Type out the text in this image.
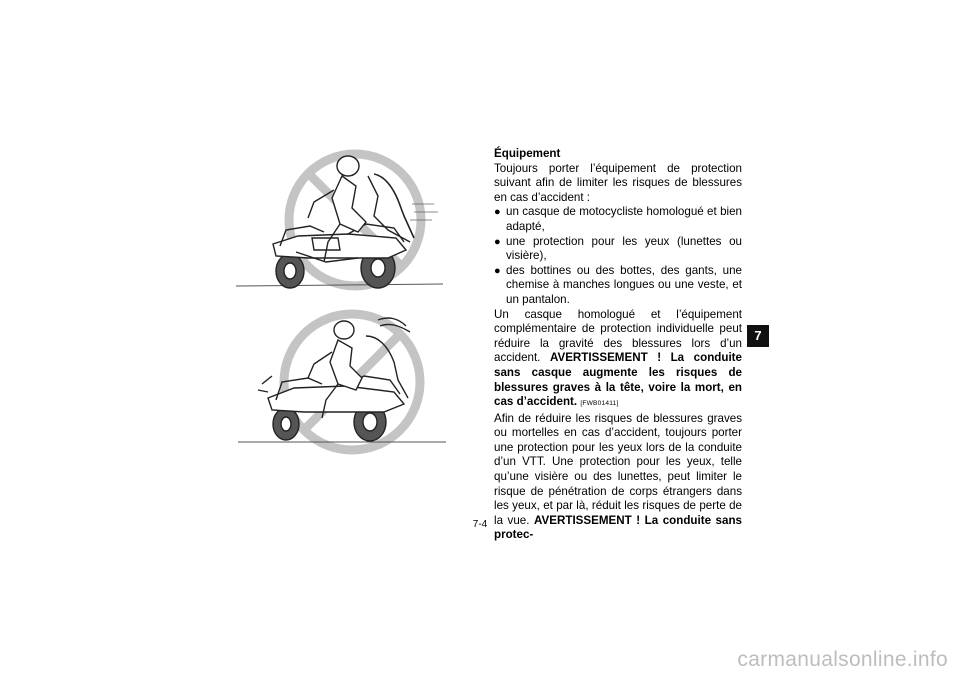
Équipement

Toujours porter l’équipement de protection suivant afin de limiter les risques de blessures en cas d’accident :

● un casque de motocycliste homologué et bien adapté,
● une protection pour les yeux (lunettes ou visière),
● des bottines ou des bottes, des gants, une chemise à manches longues ou une veste, et un pantalon.

Un casque homologué et l’équipement complémentaire de protection individuelle peut réduire la gravité des blessures lors d’un accident. AVERTISSEMENT ! La conduite sans casque augmente les risques de blessures graves à la tête, voire la mort, en cas d’accident. [FWB01411]

Afin de réduire les risques de blessures graves ou mortelles en cas d’accident, toujours porter une protection pour les yeux lors de la conduite d’un VTT. Une protection pour les yeux, telle qu’une visière ou des lunettes, peut limiter le risque de pénétration de corps étrangers dans les yeux, et par là, réduit les risques de perte de la vue. AVERTISSEMENT ! La conduite sans protec-

7
7-4
carmanualsonline.info
